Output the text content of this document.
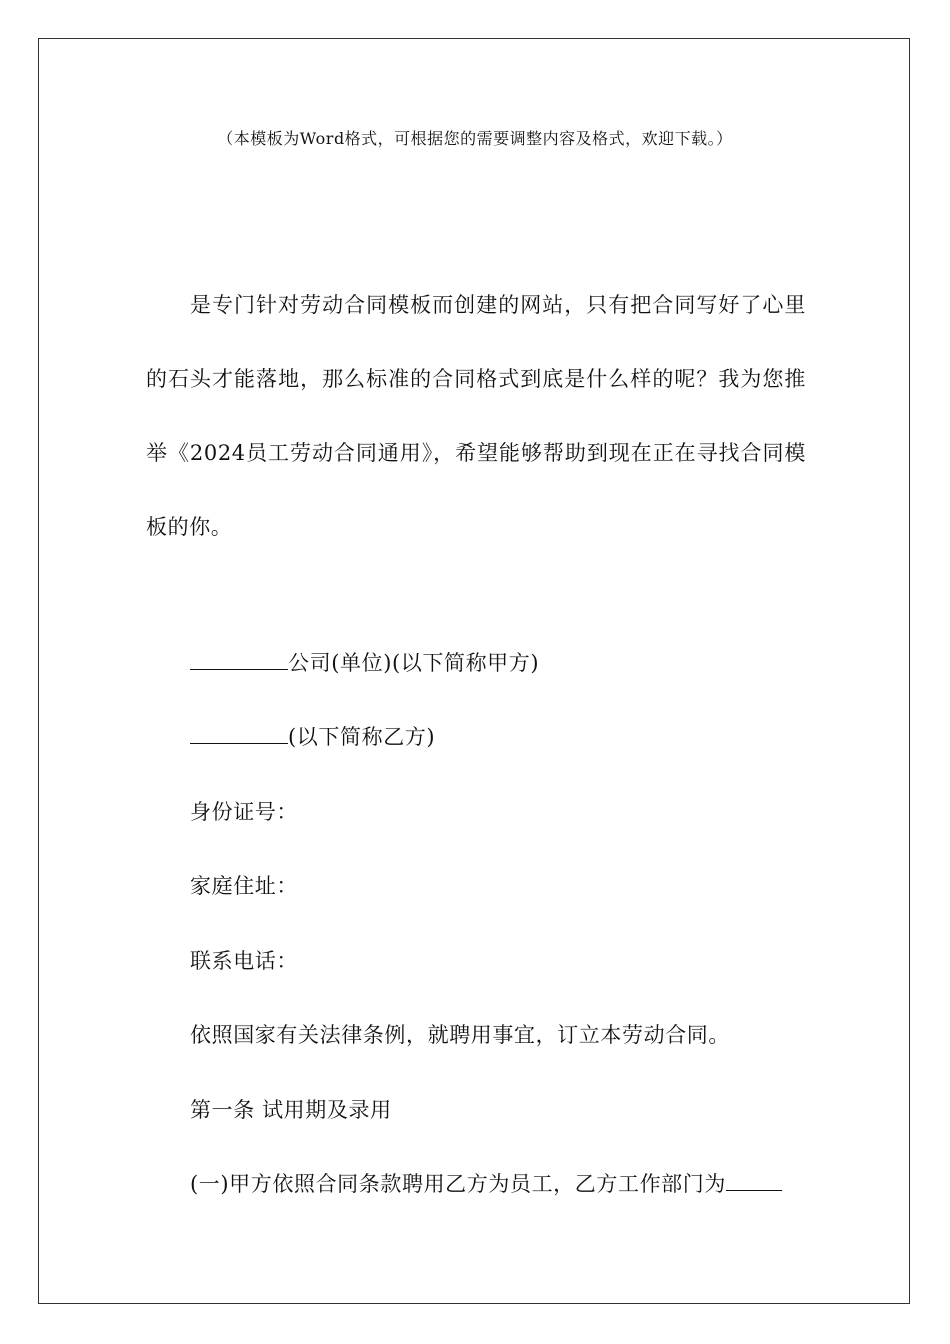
（本模板为Word格式，可根据您的需要调整内容及格式，欢迎下载。）

是专门针对劳动合同模板而创建的网站，只有把合同写好了心里的石头才能落地，那么标准的合同格式到底是什么样的呢？我为您推举《2024员工劳动合同通用》，希望能够帮助到现在正在寻找合同模板的你。

公司(单位)(以下简称甲方)

(以下简称乙方)

身份证号：

家庭住址：

联系电话：

依照国家有关法律条例，就聘用事宜，订立本劳动合同。

第一条 试用期及录用

(一)甲方依照合同条款聘用乙方为员工，乙方工作部门为
